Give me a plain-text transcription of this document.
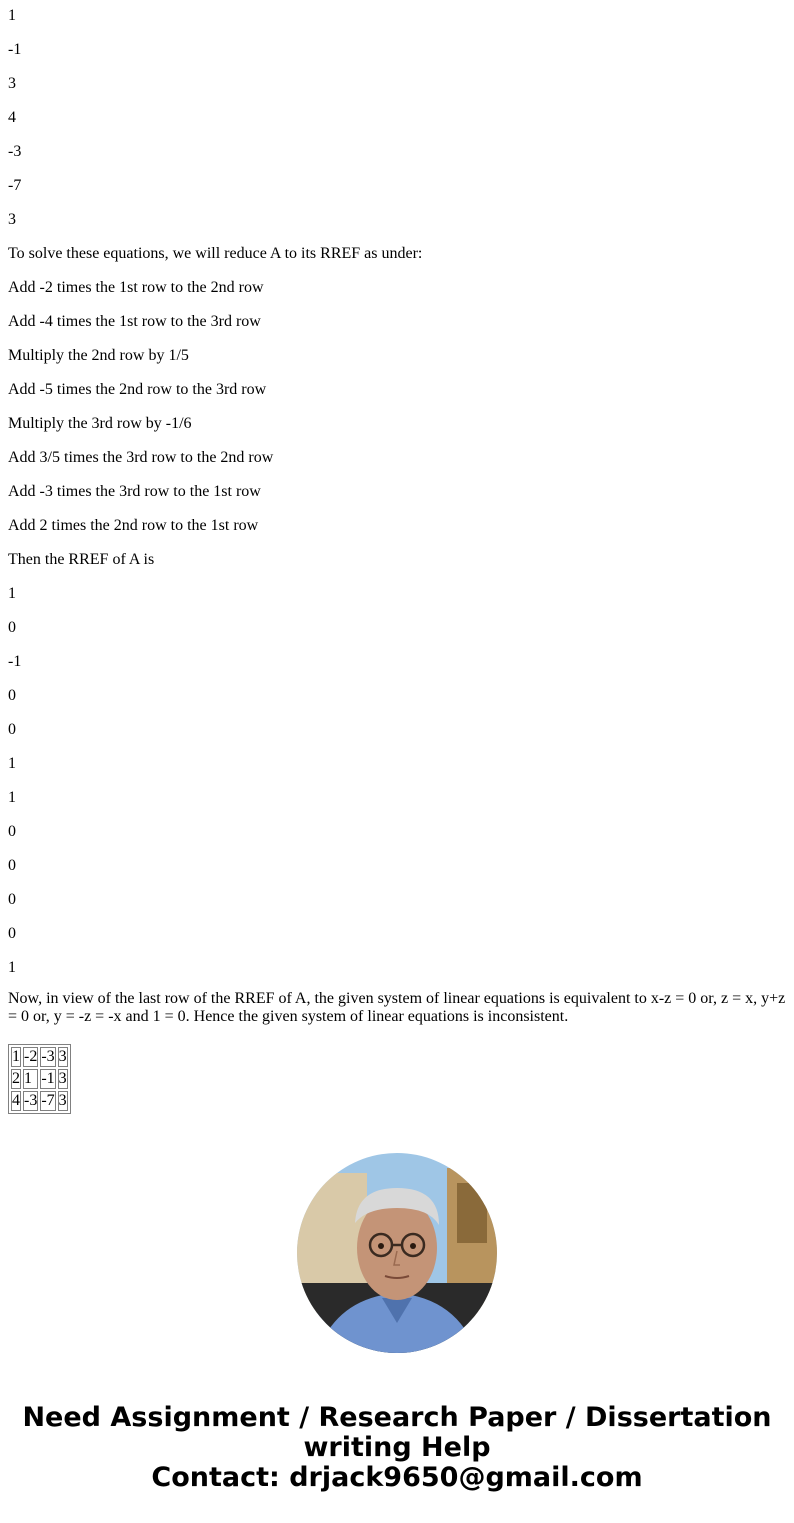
1

-1

3

4

-3

-7

3

To solve these equations, we will reduce A to its RREF as under:

Add -2 times the 1st row to the 2nd row

Add -4 times the 1st row to the 3rd row

Multiply the 2nd row by 1/5

Add -5 times the 2nd row to the 3rd row

Multiply the 3rd row by -1/6

Add 3/5 times the 3rd row to the 2nd row

Add -3 times the 3rd row to the 1st row

Add 2 times the 2nd row to the 1st row

Then the RREF of A is

1

0

-1

0

0

1

1

0

0

0

0

1

Now, in view of the last row of the RREF of A, the given system of linear equations is equivalent to x-z = 0 or, z = x, y+z = 0 or, y = -z = -x and 1 = 0. Hence the given system of linear equations is inconsistent.

1	-2	-3	3
2	1	-1	3
4	-3	-7	3
Need Assignment / Research Paper / Dissertation
writing Help
Contact: drjack9650@gmail.com
